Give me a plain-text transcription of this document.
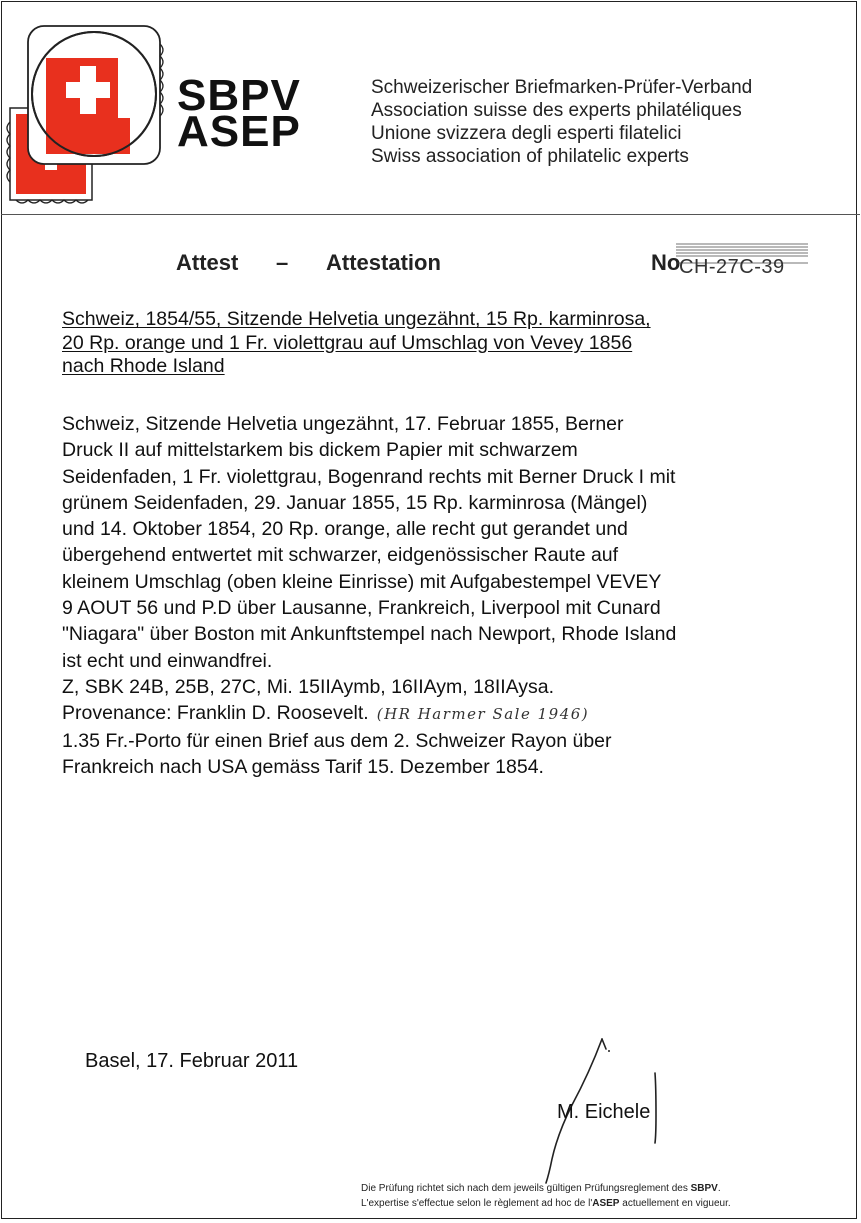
SBPV
ASEP
Schweizerischer Briefmarken-Prüfer-Verband
Association suisse des experts philatéliques
Unione svizzera degli esperti filatelici
Swiss association of philatelic experts
Attest – Attestation	No
CH-27C-39
Schweiz, 1854/55, Sitzende Helvetia ungezähnt, 15 Rp. karminrosa,
20 Rp. orange und 1 Fr. violettgrau auf Umschlag von Vevey 1856
nach Rhode Island
Schweiz, Sitzende Helvetia ungezähnt, 17. Februar 1855, Berner
Druck II auf mittelstarkem bis dickem Papier mit schwarzem
Seidenfaden, 1 Fr. violettgrau, Bogenrand rechts mit Berner Druck I mit
grünem Seidenfaden, 29. Januar 1855, 15 Rp. karminrosa (Mängel)
und 14. Oktober 1854, 20 Rp. orange, alle recht gut gerandet und
übergehend entwertet mit schwarzer, eidgenössischer Raute auf
kleinem Umschlag (oben kleine Einrisse) mit Aufgabestempel VEVEY
9 AOUT 56 und P.D über Lausanne, Frankreich, Liverpool mit Cunard
"Niagara" über Boston mit Ankunftstempel nach Newport, Rhode Island
ist echt und einwandfrei.
Z, SBK 24B, 25B, 27C, Mi. 15IIAymb, 16IIAym, 18IIAysa.
Provenance: Franklin D. Roosevelt. (HR Harmer Sale 1946)
1.35 Fr.-Porto für einen Brief aus dem 2. Schweizer Rayon über
Frankreich nach USA gemäss Tarif 15. Dezember 1854.
Basel, 17. Februar 2011
M. Eichele
Die Prüfung richtet sich nach dem jeweils gültigen Prüfungsreglement des SBPV.
L'expertise s'effectue selon le règlement ad hoc de l'ASEP actuellement en vigueur.
